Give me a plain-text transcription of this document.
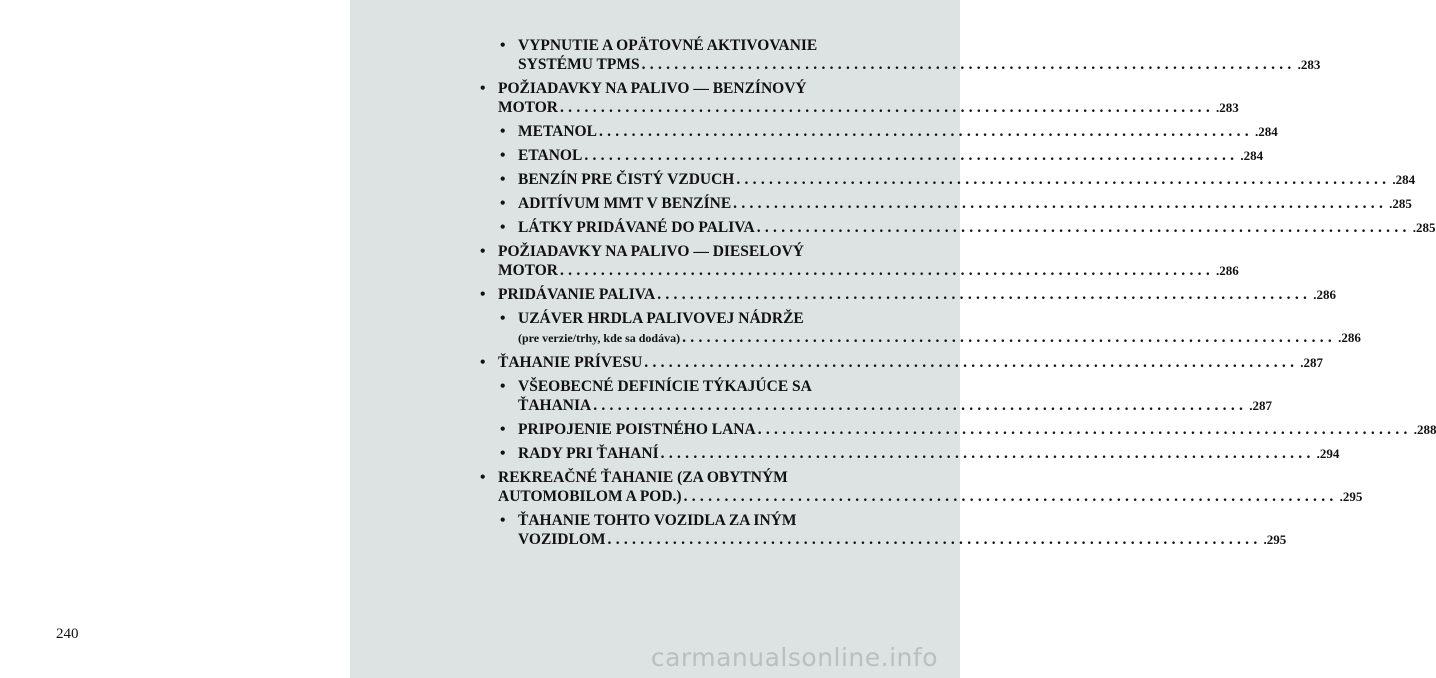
240
• VYPNUTIE A OPÄTOVNÉ AKTIVOVANIE
SYSTÉMU TPMS ................................................................................ .283
• POŽIADAVKY NA PALIVO — BENZÍNOVÝ
MOTOR ................................................................................ .283
• METANOL ................................................................................ .284
• ETANOL ................................................................................ .284
• BENZÍN PRE ČISTÝ VZDUCH ................................................................................ .284
• ADITÍVUM MMT V BENZÍNE ................................................................................ .285
• LÁTKY PRIDÁVANÉ DO PALIVA ................................................................................ .285
• POŽIADAVKY NA PALIVO — DIESELOVÝ
MOTOR ................................................................................ .286
• PRIDÁVANIE PALIVA ................................................................................ .286
• UZÁVER HRDLA PALIVOVEJ NÁDRŽE
(pre verzie/trhy, kde sa dodáva) ................................................................................ .286
• ŤAHANIE PRÍVESU ................................................................................ .287
• VŠEOBECNÉ DEFINÍCIE TÝKAJÚCE SA
ŤAHANIA ................................................................................ .287
• PRIPOJENIE POISTNÉHO LANA ................................................................................ .288
• RADY PRI ŤAHANÍ ................................................................................ .294
• REKREAČNÉ ŤAHANIE (ZA OBYTNÝM
AUTOMOBILOM A POD.) ................................................................................ .295
• ŤAHANIE TOHTO VOZIDLA ZA INÝM
VOZIDLOM ................................................................................ .295
carmanualsonline.info
